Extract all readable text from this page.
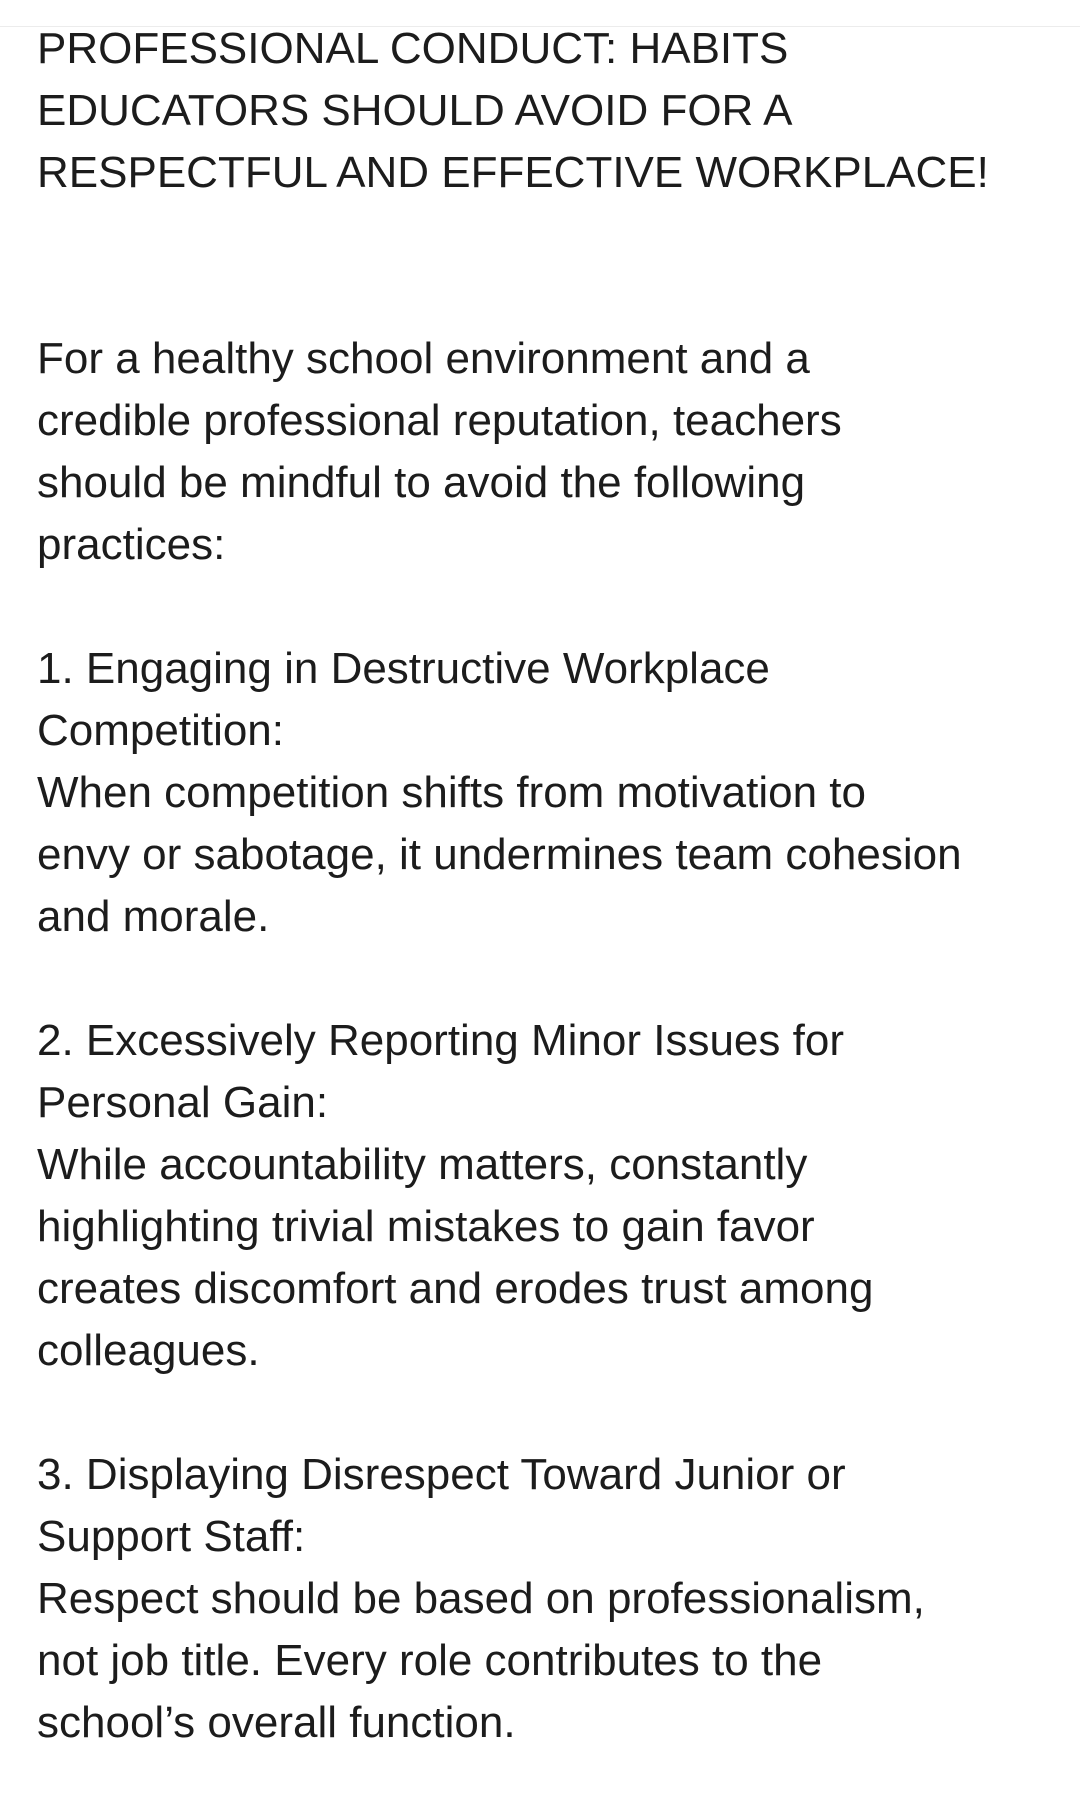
PROFESSIONAL CONDUCT: HABITS
EDUCATORS SHOULD AVOID FOR A
RESPECTFUL AND EFFECTIVE WORKPLACE!
For a healthy school environment and a
credible professional reputation, teachers
should be mindful to avoid the following
practices:
1. Engaging in Destructive Workplace
Competition:
When competition shifts from motivation to
envy or sabotage, it undermines team cohesion
and morale.
2. Excessively Reporting Minor Issues for
Personal Gain:
While accountability matters, constantly
highlighting trivial mistakes to gain favor
creates discomfort and erodes trust among
colleagues.
3. Displaying Disrespect Toward Junior or
Support Staff:
Respect should be based on professionalism,
not job title. Every role contributes to the
school’s overall function.
